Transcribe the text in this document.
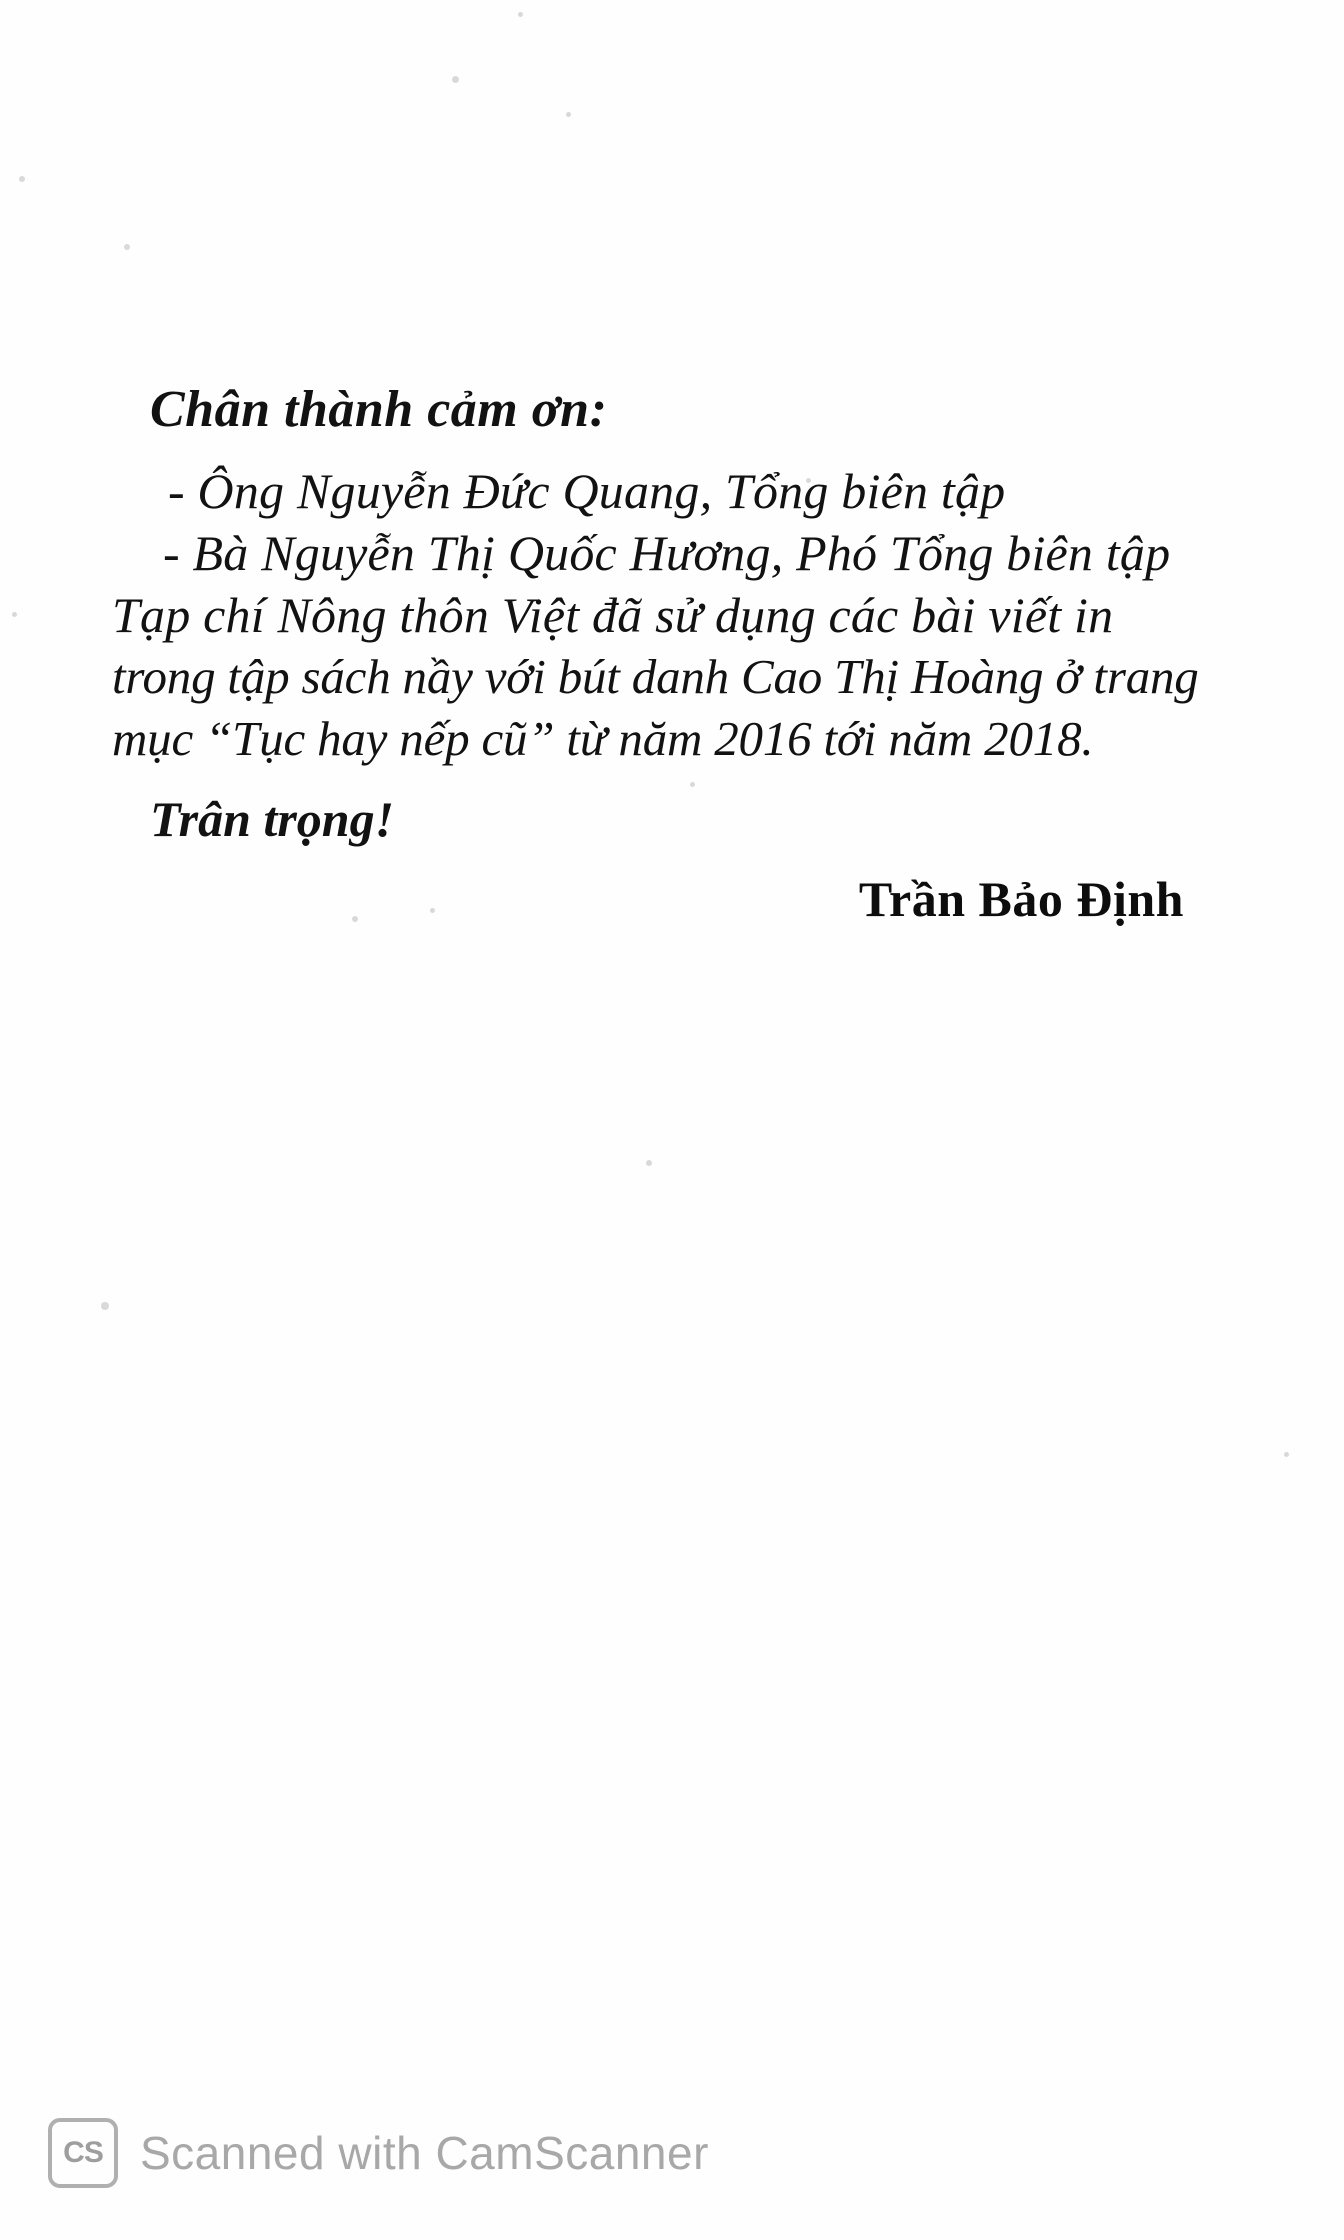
Chân thành cảm ơn:
- Ông Nguyễn Đức Quang, Tổng biên tập
- Bà Nguyễn Thị Quốc Hương, Phó Tổng biên tập
Tạp chí Nông thôn Việt đã sử dụng các bài viết in
trong tập sách nầy với bút danh Cao Thị Hoàng ở trang
mục “Tục hay nếp cũ” từ năm 2016 tới năm 2018.
Trân trọng!
Trần Bảo Định
CS Scanned with CamScanner
